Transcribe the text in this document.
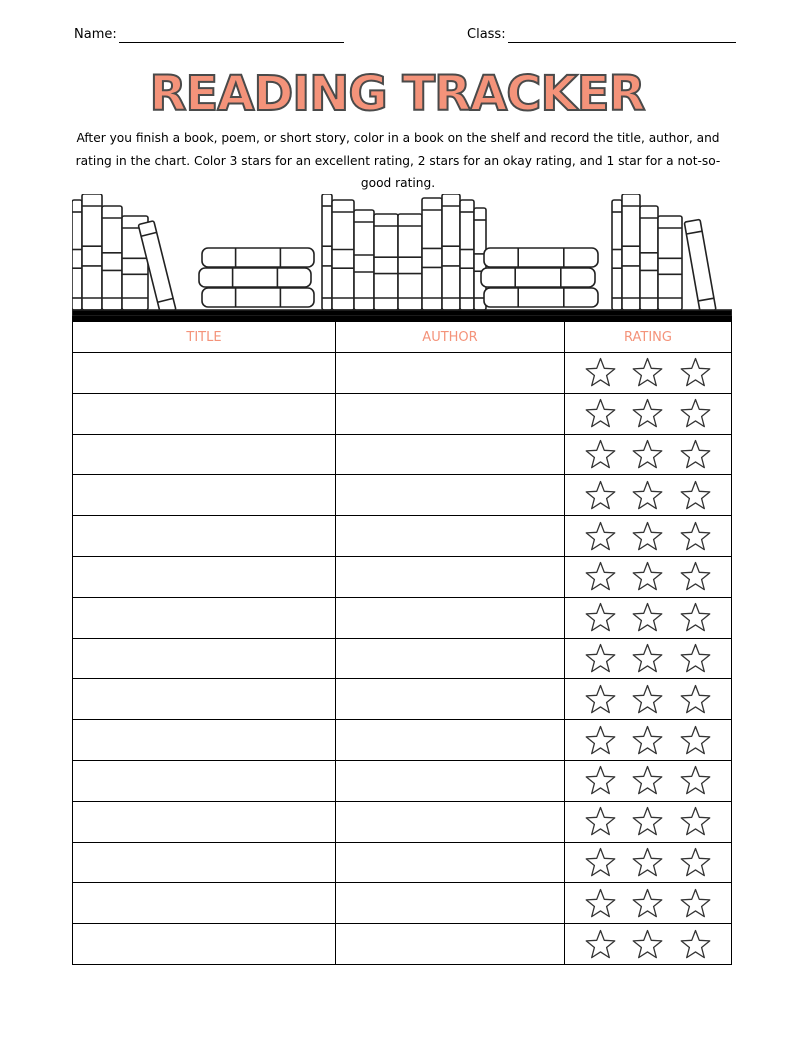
Name:	Class:
READING TRACKER
After you finish a book, poem, or short story, color in a book on the shelf and record the title, author, and rating in the chart. Color 3 stars for an excellent rating, 2 stars for an okay rating, and 1 star for a not-so-good rating.
TITLE	AUTHOR	RATING
